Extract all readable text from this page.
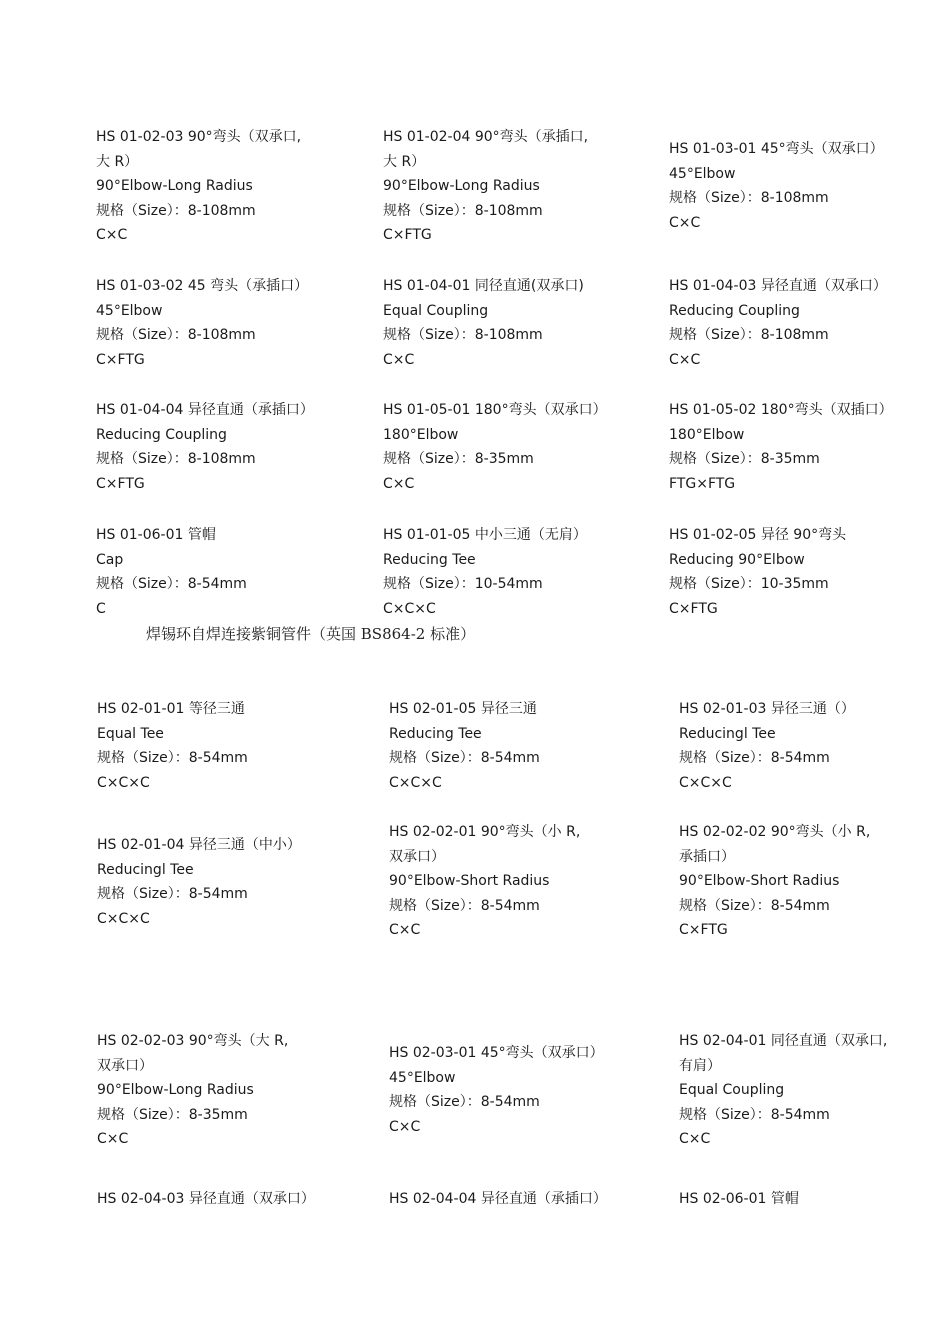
HS 01-02-03 90°弯头（双承口,
大 R）
90°Elbow-Long Radius
规格（Size）：8-108mm
C×C
HS 01-02-04 90°弯头（承插口,
大 R）
90°Elbow-Long Radius
规格（Size）：8-108mm
C×FTG
HS 01-03-01 45°弯头（双承口）
45°Elbow
规格（Size）：8-108mm
C×C
HS 01-03-02 45 弯头（承插口）
45°Elbow
规格（Size）：8-108mm
C×FTG
HS 01-04-01 同径直通(双承口)
Equal Coupling
规格（Size）：8-108mm
C×C
HS 01-04-03 异径直通（双承口）
Reducing Coupling
规格（Size）：8-108mm
C×C
HS 01-04-04 异径直通（承插口）
Reducing Coupling
规格（Size）：8-108mm
C×FTG
HS 01-05-01 180°弯头（双承口）
180°Elbow
规格（Size）：8-35mm
C×C
HS 01-05-02 180°弯头（双插口）
180°Elbow
规格（Size）：8-35mm
FTG×FTG
HS 01-06-01 管帽
Cap
规格（Size）：8-54mm
C
HS 01-01-05 中小三通（无肩）
Reducing Tee
规格（Size）：10-54mm
C×C×C
HS 01-02-05 异径 90°弯头
Reducing 90°Elbow
规格（Size）：10-35mm
C×FTG
焊锡环自焊连接紫铜管件（英国 BS864-2 标准）
HS 02-01-01 等径三通
Equal Tee
规格（Size）：8-54mm
C×C×C
HS 02-01-05 异径三通
Reducing Tee
规格（Size）：8-54mm
C×C×C
HS 02-01-03 异径三通（）
Reducingl Tee
规格（Size）：8-54mm
C×C×C
HS 02-01-04 异径三通（中小）
Reducingl Tee
规格（Size）：8-54mm
C×C×C
HS 02-02-01 90°弯头（小 R,
双承口）
90°Elbow-Short Radius
规格（Size）：8-54mm
C×C
HS 02-02-02 90°弯头（小 R,
承插口）
90°Elbow-Short Radius
规格（Size）：8-54mm
C×FTG
HS 02-02-03 90°弯头（大 R,
双承口）
90°Elbow-Long Radius
规格（Size）：8-35mm
C×C
HS 02-03-01 45°弯头（双承口）
45°Elbow
规格（Size）：8-54mm
C×C
HS 02-04-01 同径直通（双承口,
有肩）
Equal Coupling
规格（Size）：8-54mm
C×C
HS 02-04-03 异径直通（双承口）	HS 02-04-04 异径直通（承插口）	HS 02-06-01 管帽
